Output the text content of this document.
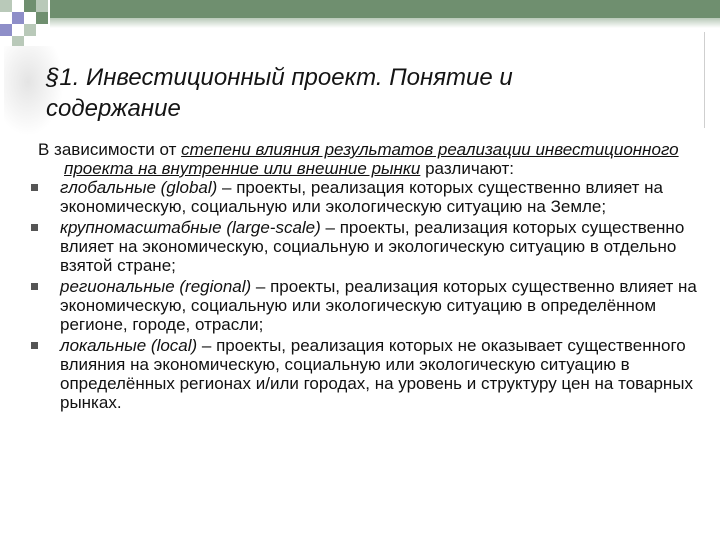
§1. Инвестиционный проект. Понятие и содержание

В зависимости от степени влияния результатов реализации инвестиционного проекта на внутренние или внешние рынки различают:

глобальные (global) – проекты, реализация которых существенно влияет на экономическую, социальную или экологическую ситуацию на Земле;
крупномасштабные (large-scale) – проекты, реализация которых существенно влияет на экономическую, социальную и экологическую ситуацию в отдельно взятой стране;
региональные (regional) – проекты, реализация которых существенно влияет на экономическую, социальную или экологическую ситуацию в определённом регионе, городе, отрасли;
локальные (local) – проекты, реализация которых не оказывает существенного влияния на экономическую, социальную или экологическую ситуацию в определённых регионах и/или городах, на уровень и структуру цен на товарных рынках.
